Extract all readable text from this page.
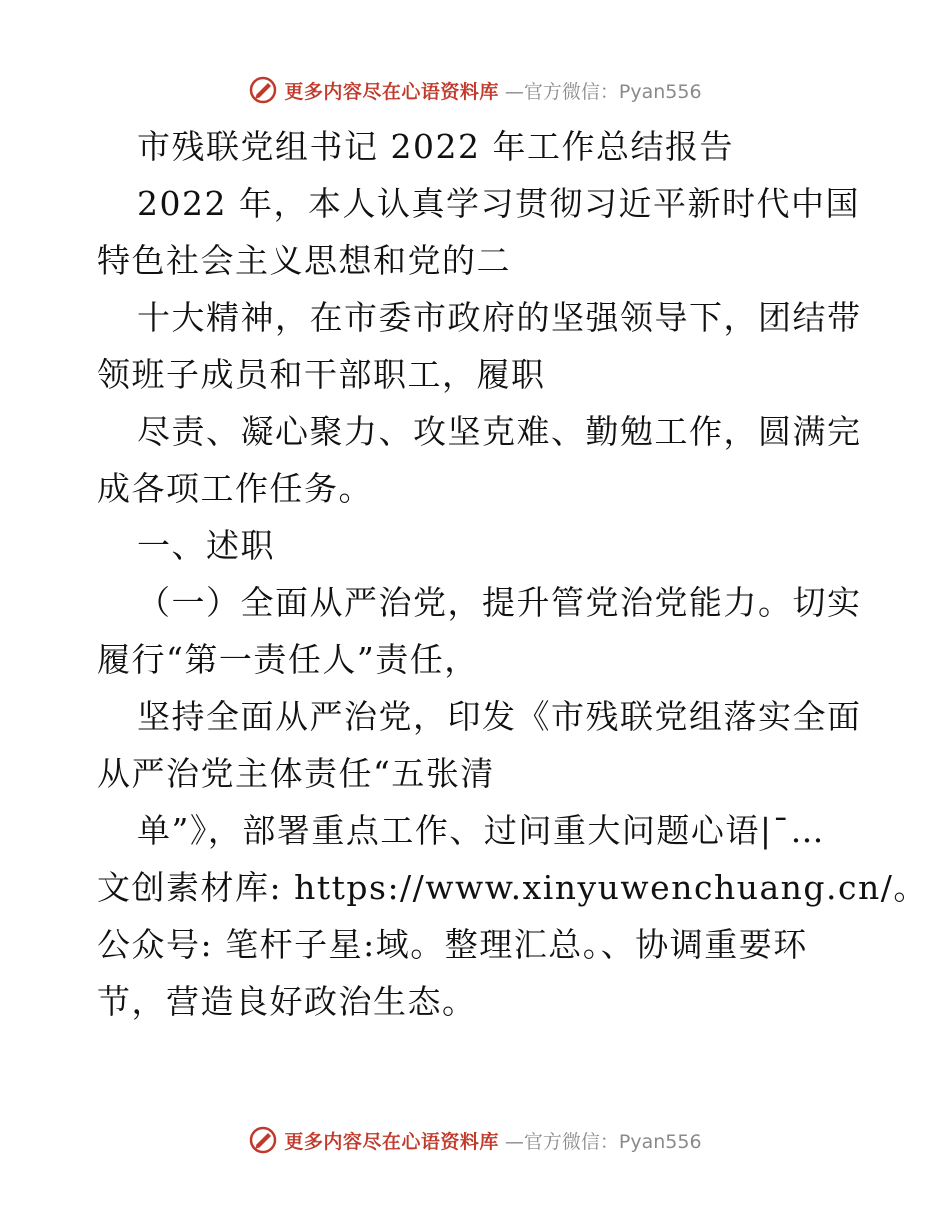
更多内容尽在心语资料库 —官方微信：Pyan556
市残联党组书记 2022 年工作总结报告
2022 年，本人认真学习贯彻习近平新时代中国
特色社会主义思想和党的二
十大精神，在市委市政府的坚强领导下，团结带
领班子成员和干部职工，履职
尽责、凝心聚力、攻坚克难、勤勉工作，圆满完
成各项工作任务。
一、述职
（一）全面从严治党，提升管党治党能力。切实
履行“第一责任人”责任，
坚持全面从严治党，印发《市残联党组落实全面
从严治党主体责任“五张清
单”》，部署重点工作、过问重大问题心语|¯…
文创素材库: https://www.xinyuwenchuang.cn/。
公众号: 笔杆子星:域。整理汇总。、协调重要环
节，营造良好政治生态。
更多内容尽在心语资料库 —官方微信：Pyan556
